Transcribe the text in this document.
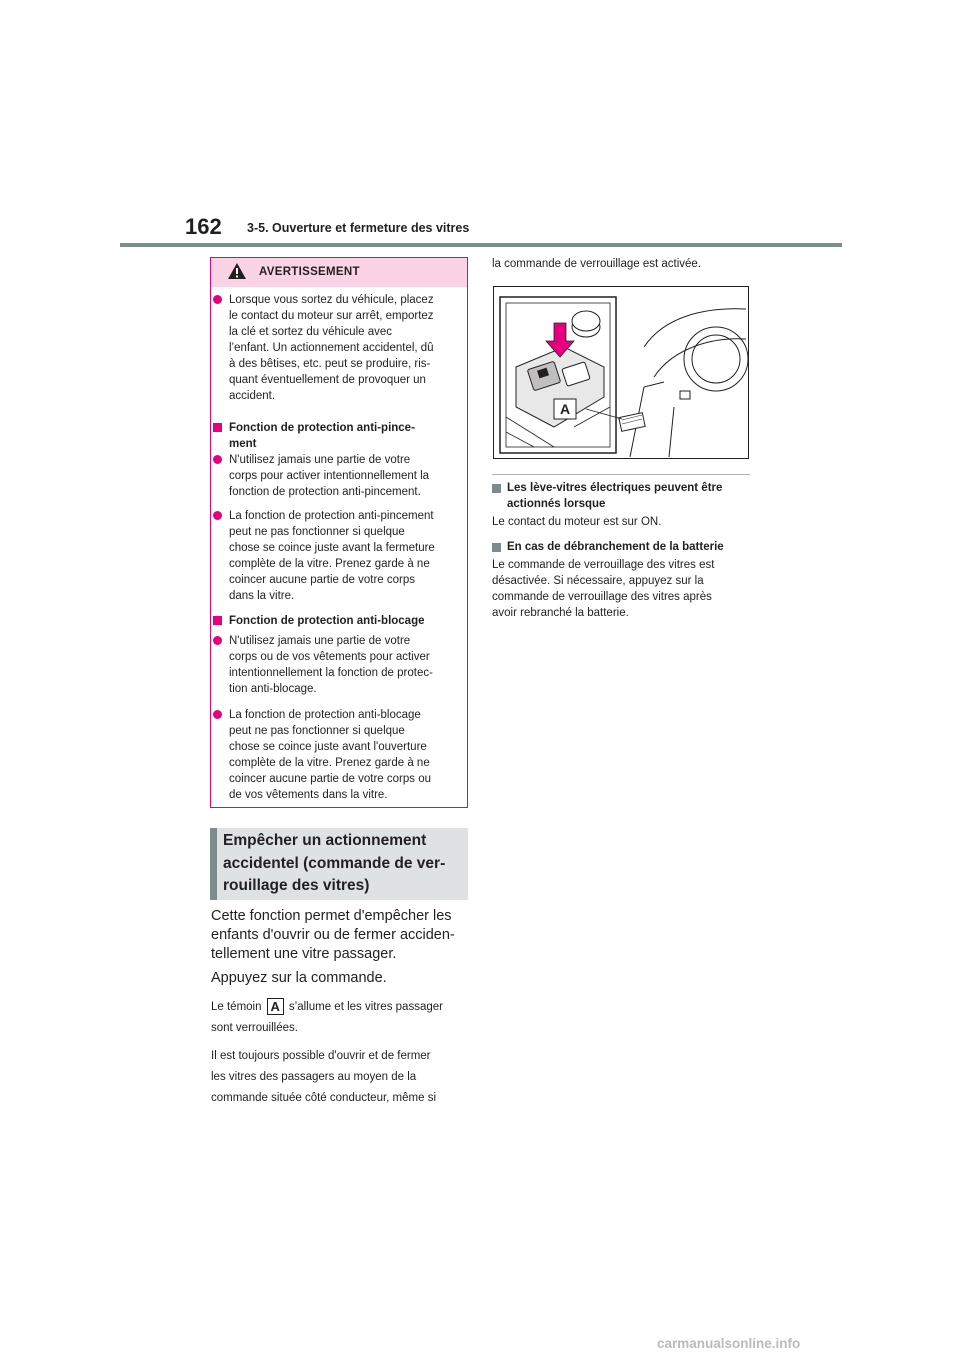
162 3-5. Ouverture et fermeture des vitres
AVERTISSEMENT
Lorsque vous sortez du véhicule, placez
le contact du moteur sur arrêt, emportez
la clé et sortez du véhicule avec
l’enfant. Un actionnement accidentel, dû
à des bêtises, etc. peut se produire, ris-
quant éventuellement de provoquer un
accident.
Fonction de protection anti-pince-
ment
N'utilisez jamais une partie de votre
corps pour activer intentionnellement la
fonction de protection anti-pincement.
La fonction de protection anti-pincement
peut ne pas fonctionner si quelque
chose se coince juste avant la fermeture
complète de la vitre. Prenez garde à ne
coincer aucune partie de votre corps
dans la vitre.
Fonction de protection anti-blocage
N'utilisez jamais une partie de votre
corps ou de vos vêtements pour activer
intentionnellement la fonction de protec-
tion anti-blocage.
La fonction de protection anti-blocage
peut ne pas fonctionner si quelque
chose se coince juste avant l'ouverture
complète de la vitre. Prenez garde à ne
coincer aucune partie de votre corps ou
de vos vêtements dans la vitre.
Empêcher un actionnement
accidentel (commande de ver-
rouillage des vitres)
Cette fonction permet d'empêcher les
enfants d'ouvrir ou de fermer acciden-
tellement une vitre passager.
Appuyez sur la commande.
Le témoin A s’allume et les vitres passager
sont verrouillées.
Il est toujours possible d'ouvrir et de fermer
les vitres des passagers au moyen de la
commande située côté conducteur, même si
la commande de verrouillage est activée.
A
Les lève-vitres électriques peuvent être
actionnés lorsque
Le contact du moteur est sur ON.
En cas de débranchement de la batterie
Le commande de verrouillage des vitres est
désactivée. Si nécessaire, appuyez sur la
commande de verrouillage des vitres après
avoir rebranché la batterie.
carmanualsonline.info
